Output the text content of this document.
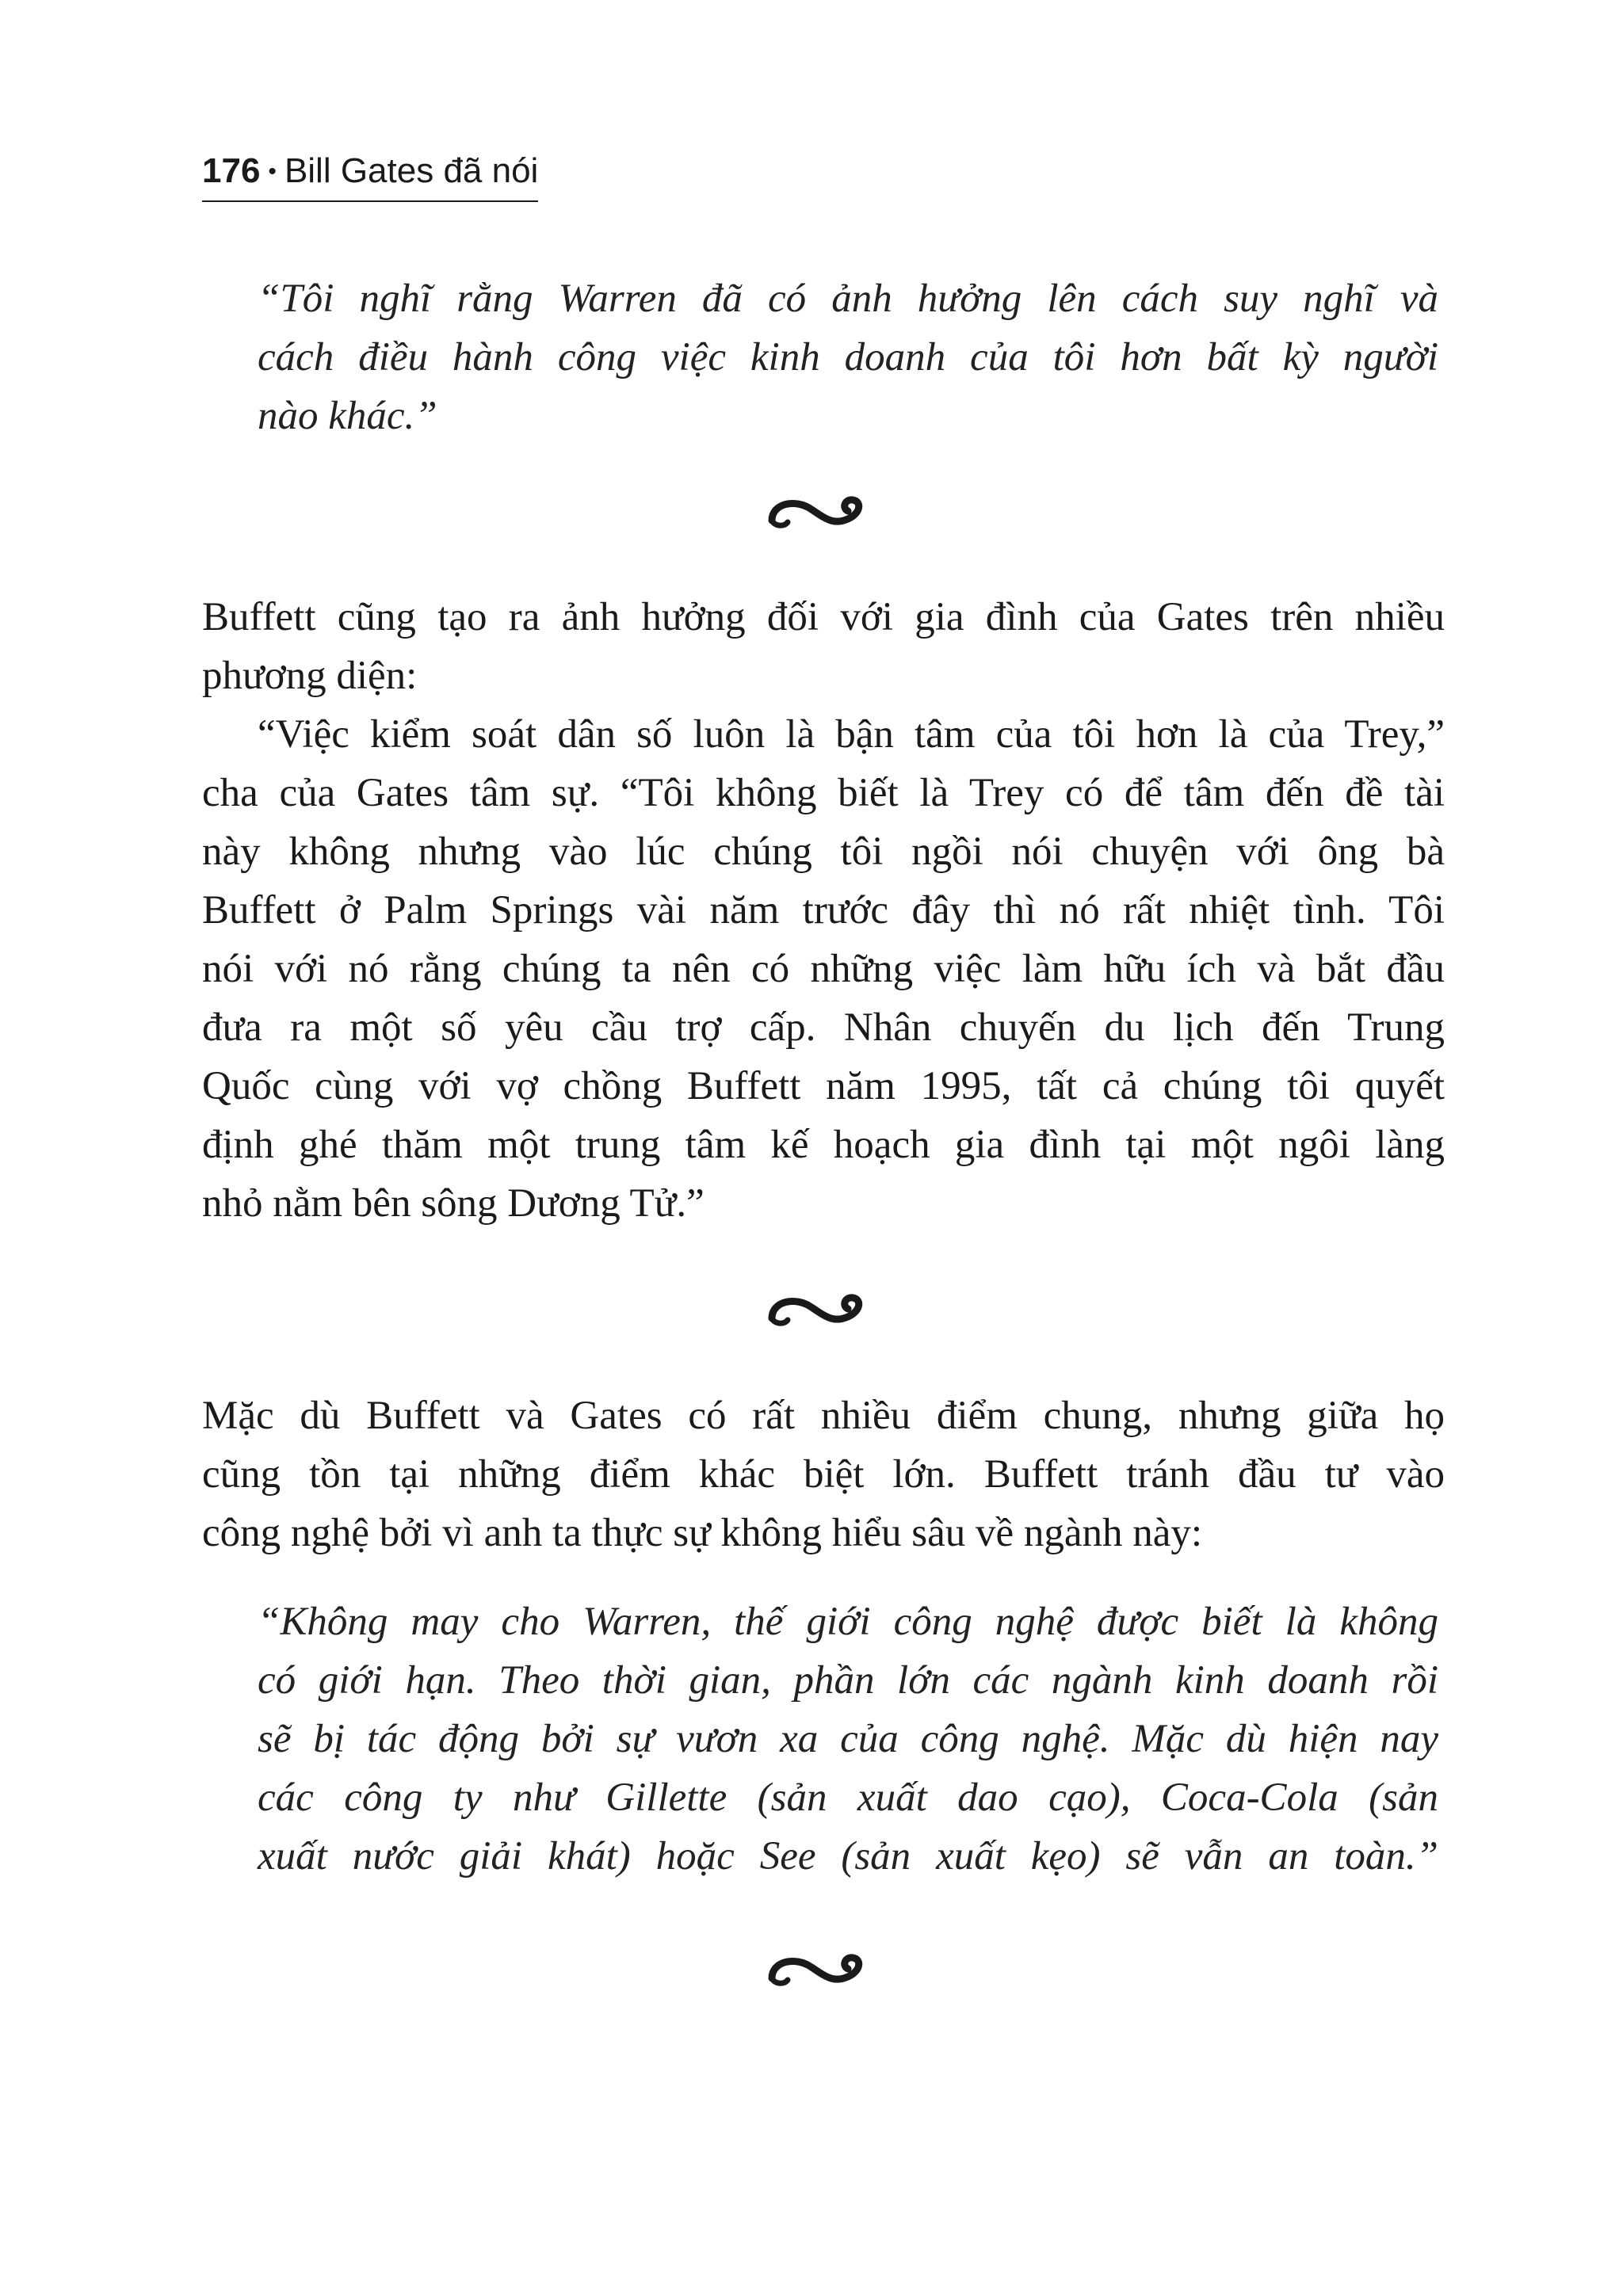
176 • Bill Gates đã nói
“Tôi nghĩ rằng Warren đã có ảnh hưởng lên cách suy nghĩ và
cách điều hành công việc kinh doanh của tôi hơn bất kỳ người
nào khác.”
Buffett cũng tạo ra ảnh hưởng đối với gia đình của Gates trên nhiều
phương diện:
“Việc kiểm soát dân số luôn là bận tâm của tôi hơn là của Trey,”
cha của Gates tâm sự. “Tôi không biết là Trey có để tâm đến đề tài
này không nhưng vào lúc chúng tôi ngồi nói chuyện với ông bà
Buffett ở Palm Springs vài năm trước đây thì nó rất nhiệt tình. Tôi
nói với nó rằng chúng ta nên có những việc làm hữu ích và bắt đầu
đưa ra một số yêu cầu trợ cấp. Nhân chuyến du lịch đến Trung
Quốc cùng với vợ chồng Buffett năm 1995, tất cả chúng tôi quyết
định ghé thăm một trung tâm kế hoạch gia đình tại một ngôi làng
nhỏ nằm bên sông Dương Tử.”
Mặc dù Buffett và Gates có rất nhiều điểm chung, nhưng giữa họ
cũng tồn tại những điểm khác biệt lớn. Buffett tránh đầu tư vào
công nghệ bởi vì anh ta thực sự không hiểu sâu về ngành này:
“Không may cho Warren, thế giới công nghệ được biết là không
có giới hạn. Theo thời gian, phần lớn các ngành kinh doanh rồi
sẽ bị tác động bởi sự vươn xa của công nghệ. Mặc dù hiện nay
các công ty như Gillette (sản xuất dao cạo), Coca-Cola (sản
xuất nước giải khát) hoặc See (sản xuất kẹo) sẽ vẫn an toàn.”
